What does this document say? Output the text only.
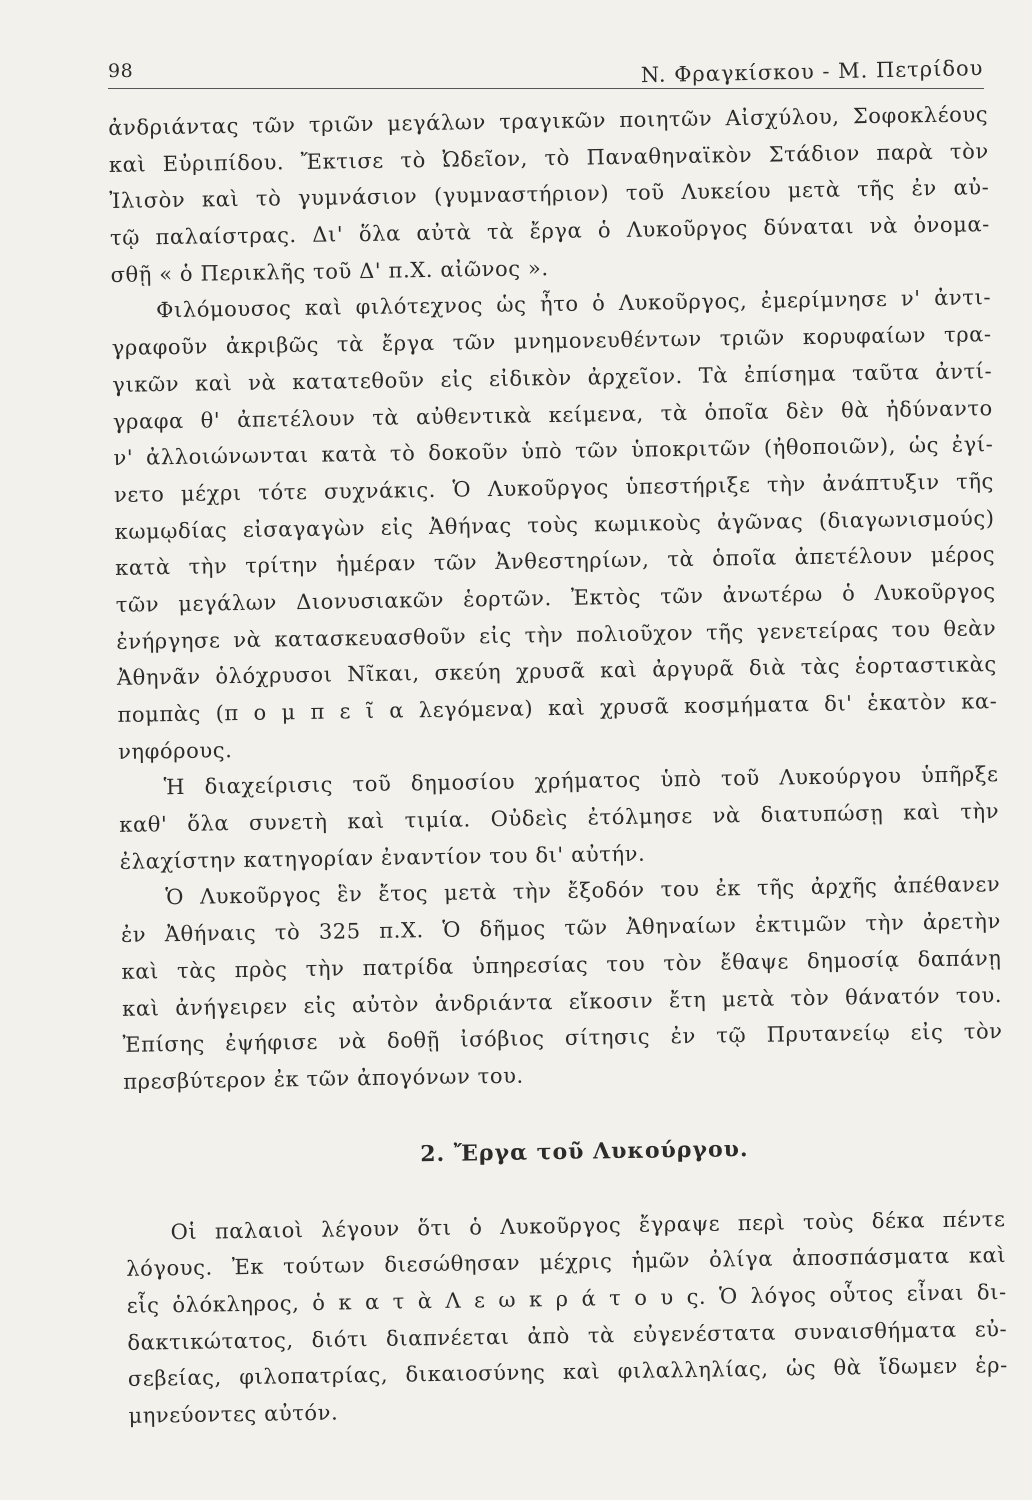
98	N. Φραγκίσκου - Μ. Πετρίδου
ἀνδριάντας τῶν τριῶν μεγάλων τραγικῶν ποιητῶν Αἰσχύλου, Σοφοκλέους
καὶ Εὐριπίδου. Ἔκτισε τὸ Ὠδεῖον, τὸ Παναθηναϊκὸν Στάδιον παρὰ τὸν
Ἰλισὸν καὶ τὸ γυμνάσιον (γυμναστήριον) τοῦ Λυκείου μετὰ τῆς ἐν αὐ-
τῷ παλαίστρας. Δι' ὅλα αὐτὰ τὰ ἔργα ὁ Λυκοῦργος δύναται νὰ ὀνομα-
σθῇ « ὁ Περικλῆς τοῦ Δ' π.Χ. αἰῶνος ».
Φιλόμουσος καὶ φιλότεχνος ὡς ἦτο ὁ Λυκοῦργος, ἐμερίμνησε ν' ἀντι-
γραφοῦν ἀκριβῶς τὰ ἔργα τῶν μνημονευθέντων τριῶν κορυφαίων τρα-
γικῶν καὶ νὰ κατατεθοῦν εἰς εἰδικὸν ἀρχεῖον. Τὰ ἐπίσημα ταῦτα ἀντί-
γραφα θ' ἀπετέλουν τὰ αὐθεντικὰ κείμενα, τὰ ὁποῖα δὲν θὰ ἠδύναντο
ν' ἀλλοιώνωνται κατὰ τὸ δοκοῦν ὑπὸ τῶν ὑποκριτῶν (ἠθοποιῶν), ὡς ἐγί-
νετο μέχρι τότε συχνάκις. Ὁ Λυκοῦργος ὑπεστήριξε τὴν ἀνάπτυξιν τῆς
κωμῳδίας εἰσαγαγὼν εἰς Ἀθήνας τοὺς κωμικοὺς ἀγῶνας (διαγωνισμούς)
κατὰ τὴν τρίτην ἡμέραν τῶν Ἀνθεστηρίων, τὰ ὁποῖα ἀπετέλουν μέρος
τῶν μεγάλων Διονυσιακῶν ἑορτῶν. Ἐκτὸς τῶν ἀνωτέρω ὁ Λυκοῦργος
ἐνήργησε νὰ κατασκευασθοῦν εἰς τὴν πολιοῦχον τῆς γενετείρας του θεὰν
Ἀθηνᾶν ὁλόχρυσοι Νῖκαι, σκεύη χρυσᾶ καὶ ἀργυρᾶ διὰ τὰς ἑορταστικὰς
πομπὰς (π ο μ π ε ῖ α λεγόμενα) καὶ χρυσᾶ κοσμήματα δι' ἑκατὸν κα-
νηφόρους.
Ἡ διαχείρισις τοῦ δημοσίου χρήματος ὑπὸ τοῦ Λυκούργου ὑπῆρξε
καθ' ὅλα συνετὴ καὶ τιμία. Οὐδεὶς ἐτόλμησε νὰ διατυπώσῃ καὶ τὴν
ἐλαχίστην κατηγορίαν ἐναντίον του δι' αὐτήν.
Ὁ Λυκοῦργος ἓν ἔτος μετὰ τὴν ἔξοδόν του ἐκ τῆς ἀρχῆς ἀπέθανεν
ἐν Ἀθήναις τὸ 325 π.Χ. Ὁ δῆμος τῶν Ἀθηναίων ἐκτιμῶν τὴν ἀρετὴν
καὶ τὰς πρὸς τὴν πατρίδα ὑπηρεσίας του τὸν ἔθαψε δημοσίᾳ δαπάνῃ
καὶ ἀνήγειρεν εἰς αὐτὸν ἀνδριάντα εἴκοσιν ἔτη μετὰ τὸν θάνατόν του.
Ἐπίσης ἐψήφισε νὰ δοθῇ ἰσόβιος σίτησις ἐν τῷ Πρυτανείῳ εἰς τὸν
πρεσβύτερον ἐκ τῶν ἀπογόνων του.
2. Ἔργα τοῦ Λυκούργου.
Οἱ παλαιοὶ λέγουν ὅτι ὁ Λυκοῦργος ἔγραψε περὶ τοὺς δέκα πέντε
λόγους. Ἐκ τούτων διεσώθησαν μέχρις ἡμῶν ὀλίγα ἀποσπάσματα καὶ
εἷς ὁλόκληρος, ὁ κ α τ ὰ Λ ε ω κ ρ ά τ ο υ ς. Ὁ λόγος οὗτος εἶναι δι-
δακτικώτατος, διότι διαπνέεται ἀπὸ τὰ εὐγενέστατα συναισθήματα εὐ-
σεβείας, φιλοπατρίας, δικαιοσύνης καὶ φιλαλληλίας, ὡς θὰ ἴδωμεν ἑρ-
μηνεύοντες αὐτόν.
